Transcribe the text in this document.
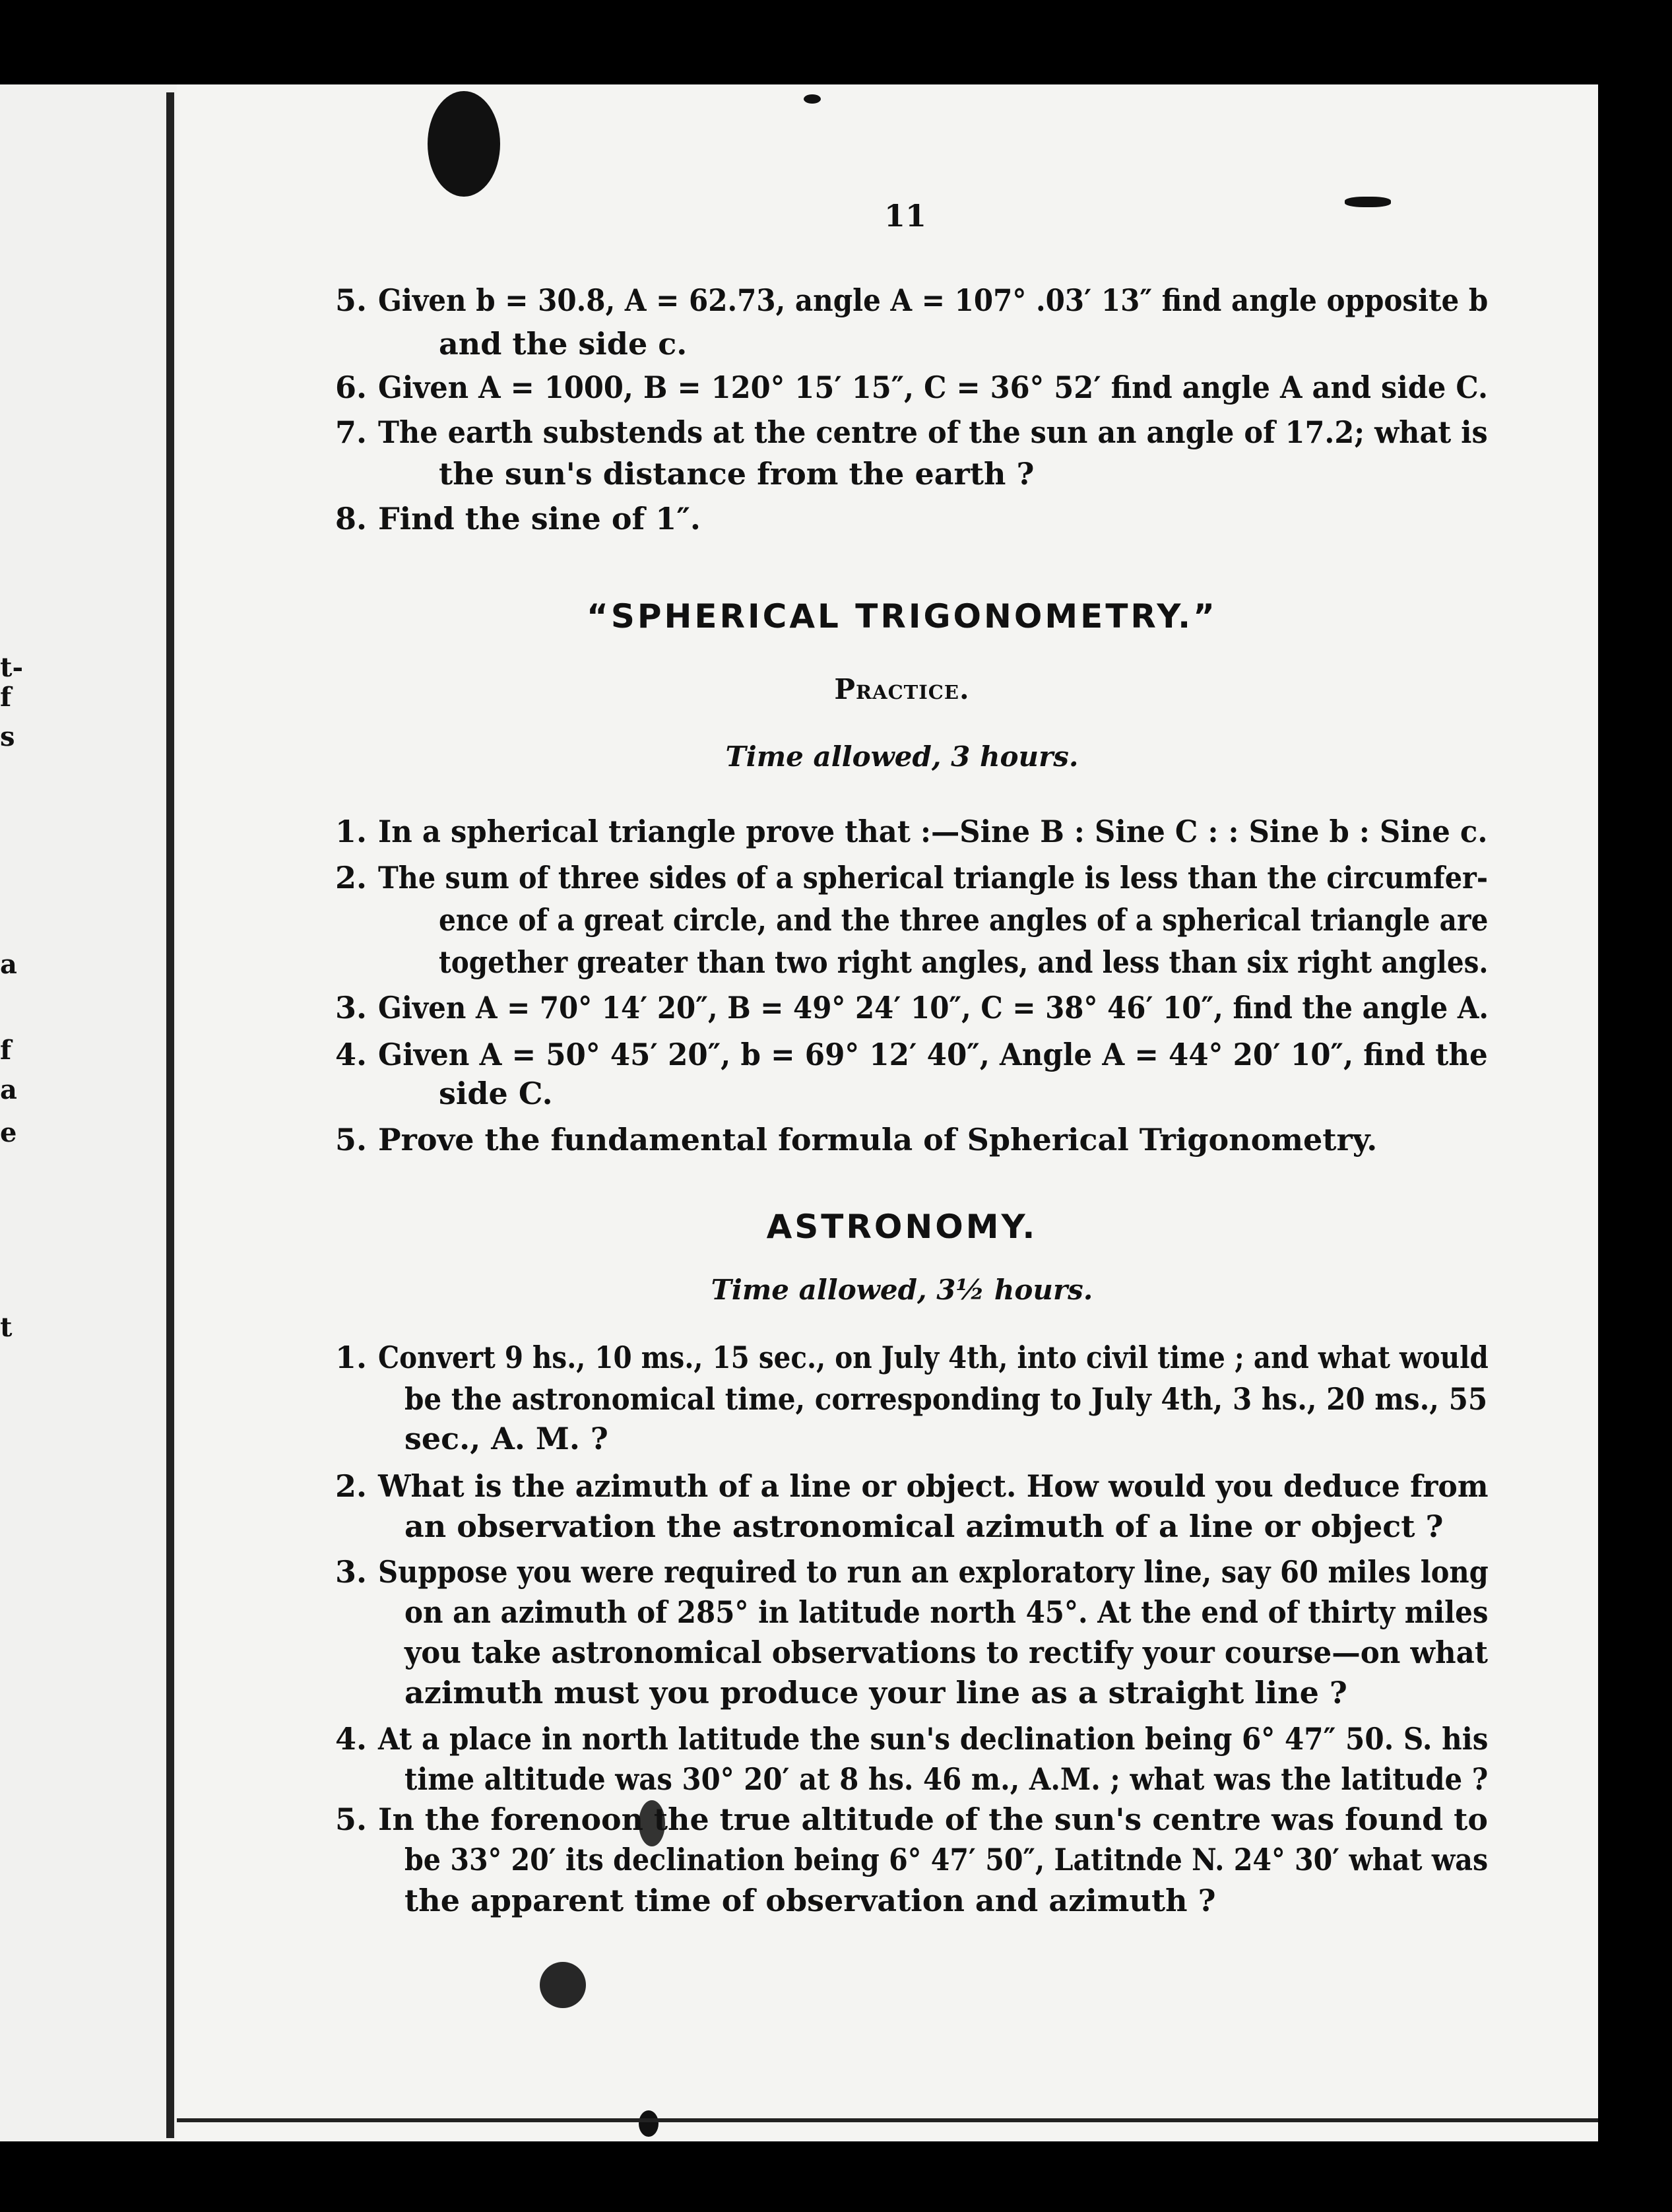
t-
f
s
a
f
a
e
t
11
5. Given b = 30.8, A = 62.73, angle A = 107° .03′ 13″ find angle opposite b
and the side c.
6. Given A = 1000, B = 120° 15′ 15″, C = 36° 52′ find angle A and side C.
7. The earth substends at the centre of the sun an angle of 17.2; what is
the sun's distance from the earth ?
8. Find the sine of 1″.
“SPHERICAL TRIGONOMETRY.”
Practice.
Time allowed, 3 hours.
1. In a spherical triangle prove that :—Sine B : Sine C : : Sine b : Sine c.
2. The sum of three sides of a spherical triangle is less than the circumfer-
ence of a great circle, and the three angles of a spherical triangle are
together greater than two right angles, and less than six right angles.
3. Given A = 70° 14′ 20″, B = 49° 24′ 10″, C = 38° 46′ 10″, find the angle A.
4. Given A = 50° 45′ 20″, b = 69° 12′ 40″, Angle A = 44° 20′ 10″, find the
side C.
5. Prove the fundamental formula of Spherical Trigonometry.
ASTRONOMY.
Time allowed, 3½ hours.
1. Convert 9 hs., 10 ms., 15 sec., on July 4th, into civil time ; and what would
be the astronomical time, corresponding to July 4th, 3 hs., 20 ms., 55
sec., A. M. ?
2. What is the azimuth of a line or object. How would you deduce from
an observation the astronomical azimuth of a line or object ?
3. Suppose you were required to run an exploratory line, say 60 miles long
on an azimuth of 285° in latitude north 45°. At the end of thirty miles
you take astronomical observations to rectify your course—on what
azimuth must you produce your line as a straight line ?
4. At a place in north latitude the sun's declination being 6° 47″ 50. S. his
time altitude was 30° 20′ at 8 hs. 46 m., A.M. ; what was the latitude ?
5. In the forenoon the true altitude of the sun's centre was found to
be 33° 20′ its declination being 6° 47′ 50″, Latitnde N. 24° 30′ what was
the apparent time of observation and azimuth ?
